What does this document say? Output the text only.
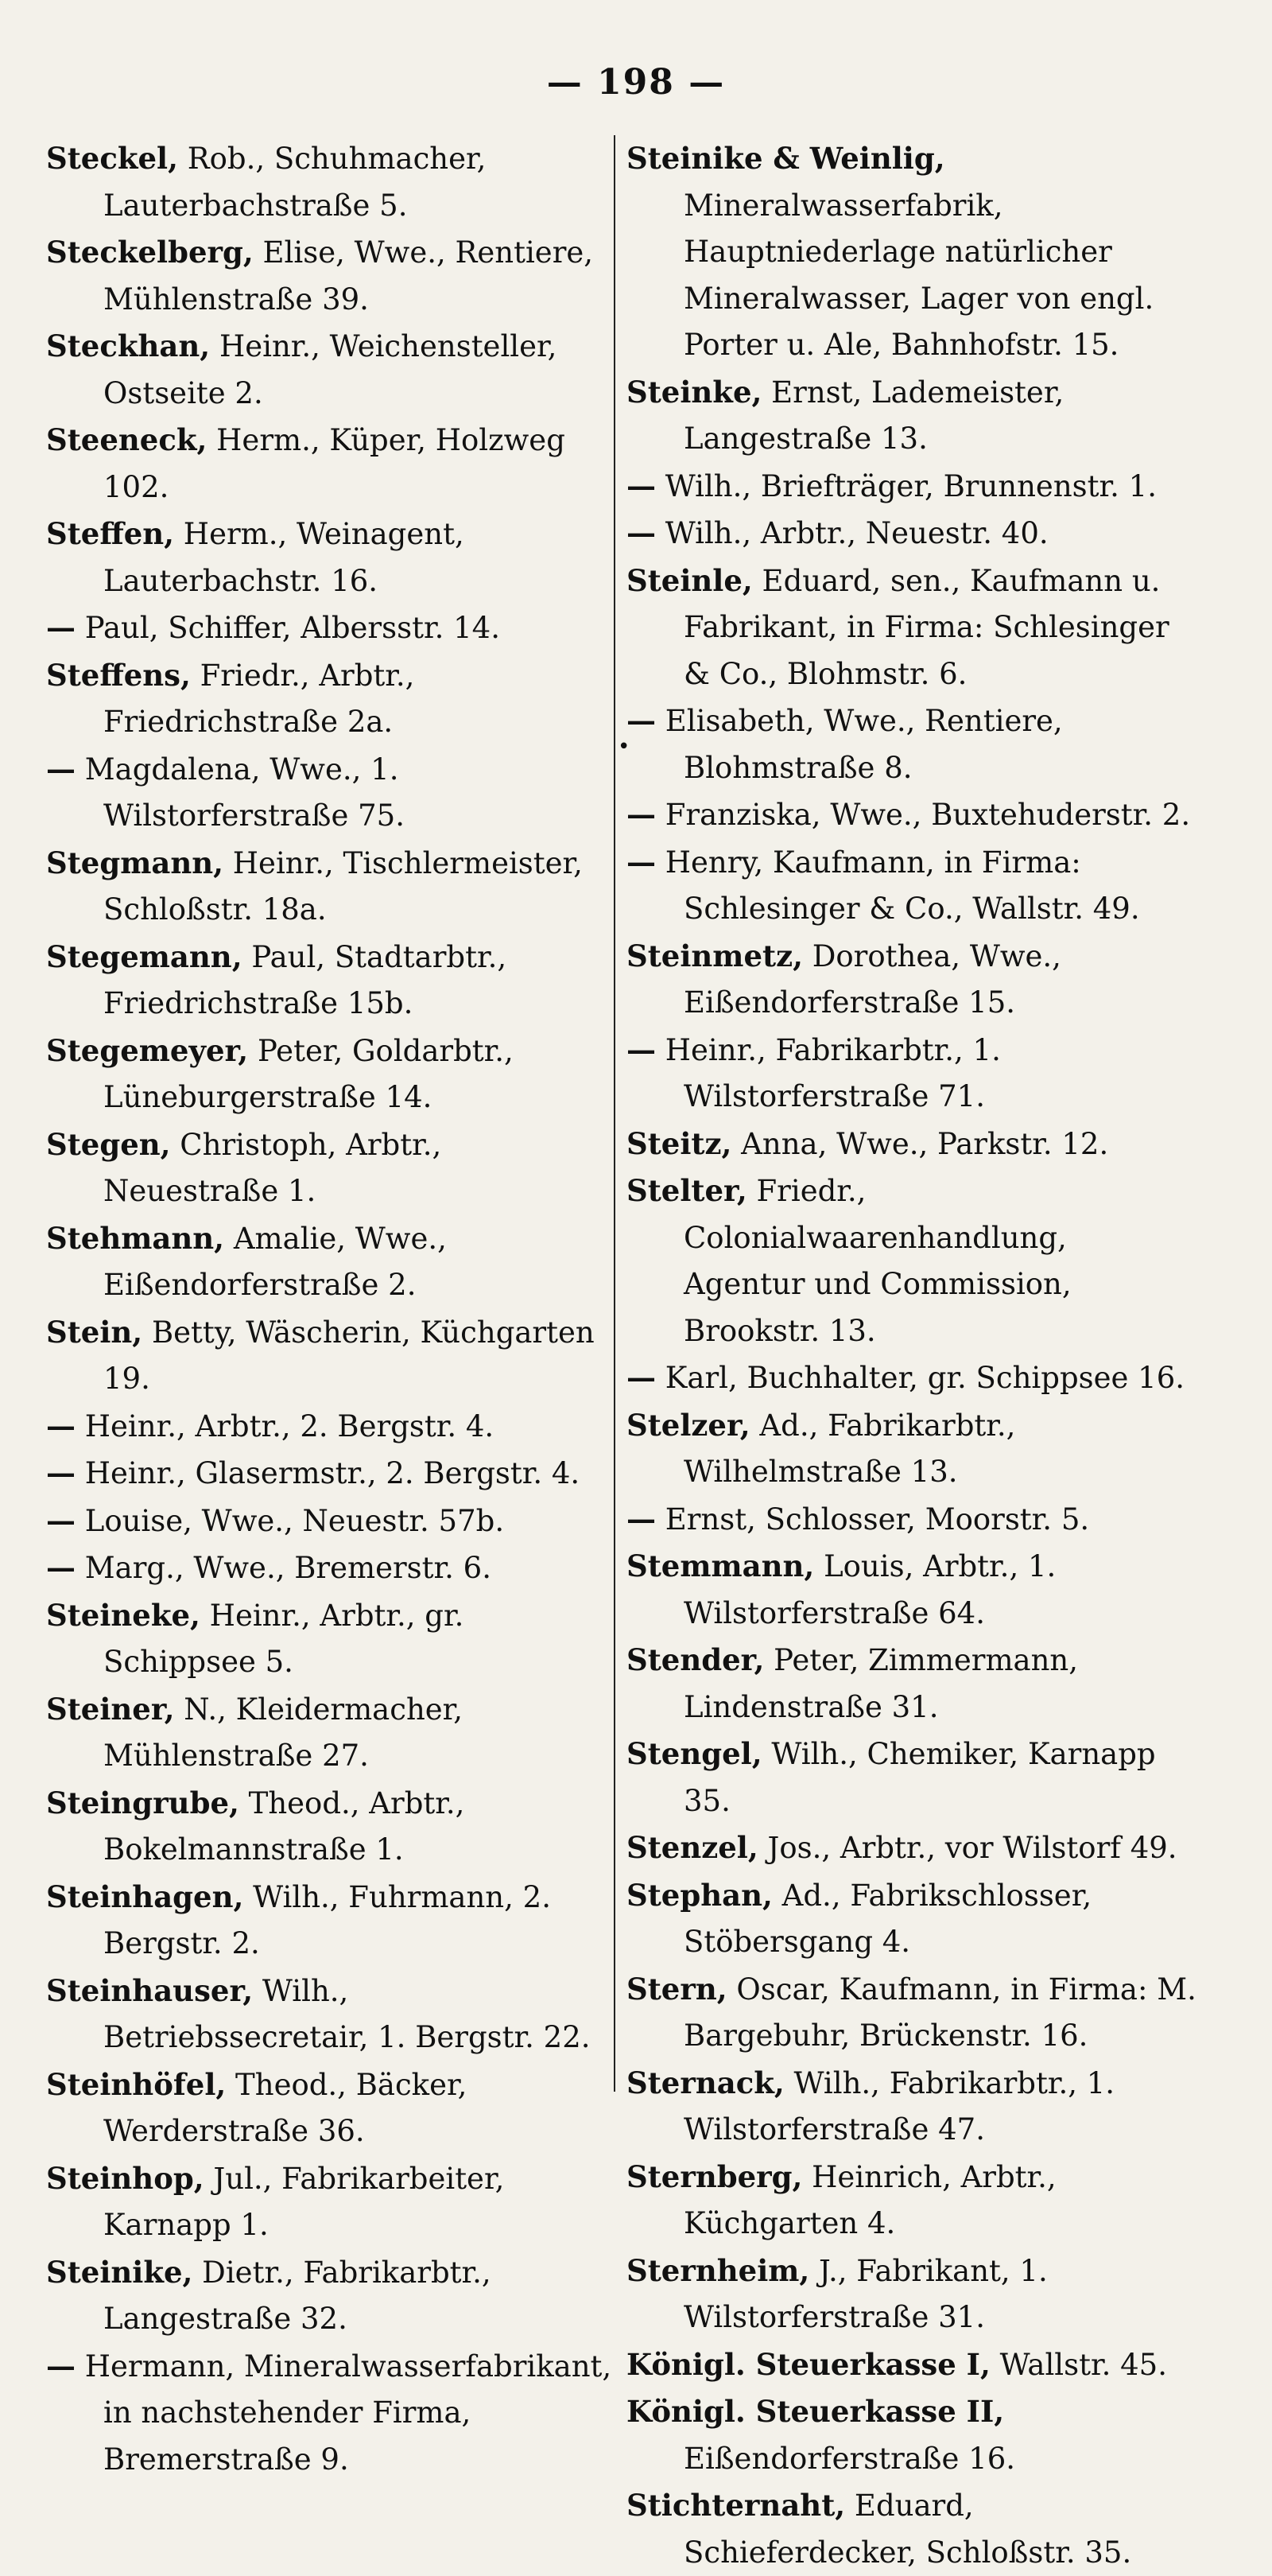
— 198 —

Steckel, Rob., Schuhmacher, Lauterbachstraße 5.

Steckelberg, Elise, Wwe., Rentiere, Mühlenstraße 39.

Steckhan, Heinr., Weichensteller, Ostseite 2.

Steeneck, Herm., Küper, Holzweg 102.

Steffen, Herm., Weinagent, Lauterbachstr. 16.

— Paul, Schiffer, Albersstr. 14.

Steffens, Friedr., Arbtr., Friedrichstraße 2a.

— Magdalena, Wwe., 1. Wilstorferstraße 75.

Stegmann, Heinr., Tischlermeister, Schloßstr. 18a.

Stegemann, Paul, Stadtarbtr., Friedrichstraße 15b.

Stegemeyer, Peter, Goldarbtr., Lüneburgerstraße 14.

Stegen, Christoph, Arbtr., Neuestraße 1.

Stehmann, Amalie, Wwe., Eißendorferstraße 2.

Stein, Betty, Wäscherin, Küchgarten 19.

— Heinr., Arbtr., 2. Bergstr. 4.

— Heinr., Glasermstr., 2. Bergstr. 4.

— Louise, Wwe., Neuestr. 57b.

— Marg., Wwe., Bremerstr. 6.

Steineke, Heinr., Arbtr., gr. Schippsee 5.

Steiner, N., Kleidermacher, Mühlenstraße 27.

Steingrube, Theod., Arbtr., Bokelmannstraße 1.

Steinhagen, Wilh., Fuhrmann, 2. Bergstr. 2.

Steinhauser, Wilh., Betriebssecretair, 1. Bergstr. 22.

Steinhöfel, Theod., Bäcker, Werderstraße 36.

Steinhop, Jul., Fabrikarbeiter, Karnapp 1.

Steinike, Dietr., Fabrikarbtr., Langestraße 32.

— Hermann, Mineralwasserfabrikant, in nachstehender Firma, Bremerstraße 9.

Steinike & Weinlig, Mineralwasserfabrik, Hauptniederlage natürlicher Mineralwasser, Lager von engl. Porter u. Ale, Bahnhofstr. 15.

Steinke, Ernst, Lademeister, Langestraße 13.

— Wilh., Briefträger, Brunnenstr. 1.

— Wilh., Arbtr., Neuestr. 40.

Steinle, Eduard, sen., Kaufmann u. Fabrikant, in Firma: Schlesinger & Co., Blohmstr. 6.

— Elisabeth, Wwe., Rentiere, Blohmstraße 8.

— Franziska, Wwe., Buxtehuderstr. 2.

— Henry, Kaufmann, in Firma: Schlesinger & Co., Wallstr. 49.

Steinmetz, Dorothea, Wwe., Eißendorferstraße 15.

— Heinr., Fabrikarbtr., 1. Wilstorferstraße 71.

Steitz, Anna, Wwe., Parkstr. 12.

Stelter, Friedr., Colonialwaarenhandlung, Agentur und Commission, Brookstr. 13.

— Karl, Buchhalter, gr. Schippsee 16.

Stelzer, Ad., Fabrikarbtr., Wilhelmstraße 13.

— Ernst, Schlosser, Moorstr. 5.

Stemmann, Louis, Arbtr., 1. Wilstorferstraße 64.

Stender, Peter, Zimmermann, Lindenstraße 31.

Stengel, Wilh., Chemiker, Karnapp 35.

Stenzel, Jos., Arbtr., vor Wilstorf 49.

Stephan, Ad., Fabrikschlosser, Stöbersgang 4.

Stern, Oscar, Kaufmann, in Firma: M. Bargebuhr, Brückenstr. 16.

Sternack, Wilh., Fabrikarbtr., 1. Wilstorferstraße 47.

Sternberg, Heinrich, Arbtr., Küchgarten 4.

Sternheim, J., Fabrikant, 1. Wilstorferstraße 31.

Königl. Steuerkasse I, Wallstr. 45.

Königl. Steuerkasse II, Eißendorferstraße 16.

Stichternaht, Eduard, Schieferdecker, Schloßstr. 35.

•
